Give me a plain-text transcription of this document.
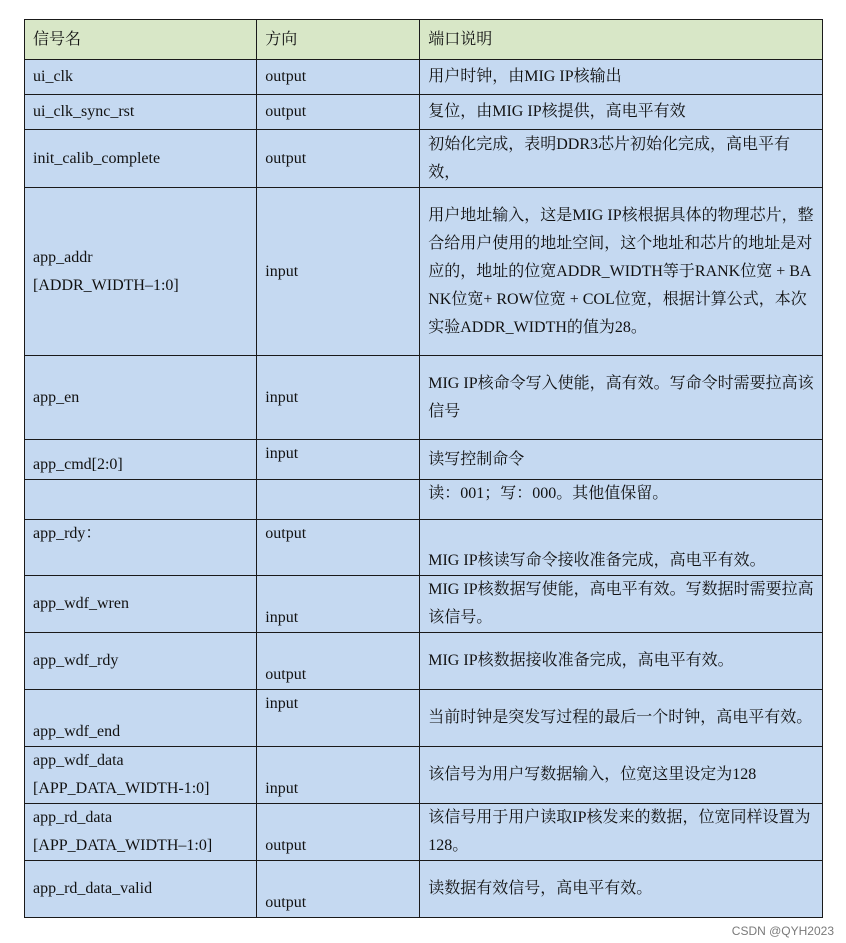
信号名	方向	端口说明
ui_clk	output	用户时钟，由MIG IP核输出
ui_clk_sync_rst	output	复位，由MIG IP核提供，高电平有效
init_calib_complete	output	初始化完成，表明DDR3芯片初始化完成，高电平有效，

app_addr
[ADDR_WIDTH–1:0]	input	用户地址输入，这是MIG IP核根据具体的物理芯片，整合给用户使用的地址空间，这个地址和芯片的地址是对应的，地址的位宽ADDR_WIDTH等于RANK位宽 + BANK位宽+ ROW位宽 + COL位宽，根据计算公式，本次实验ADDR_WIDTH的值为28。
app_en	input	MIG IP核命令写入使能，高有效。写命令时需要拉高该信号
app_cmd[2:0]	input	读写控制命令
		读：001；写：000。其他值保留。
app_rdy：	output	MIG IP核读写命令接收准备完成，高电平有效。
app_wdf_wren	input	MIG IP核数据写使能，高电平有效。写数据时需要拉高该信号。
app_wdf_rdy	output	MIG IP核数据接收准备完成，高电平有效。
app_wdf_end	input	当前时钟是突发写过程的最后一个时钟，高电平有效。

app_wdf_data
[APP_DATA_WIDTH-1:0]	input	该信号为用户写数据输入，位宽这里设定为128

app_rd_data
[APP_DATA_WIDTH–1:0]	output	该信号用于用户读取IP核发来的数据，位宽同样设置为128。
app_rd_data_valid	output	读数据有效信号，高电平有效。
CSDN @QYH2023
